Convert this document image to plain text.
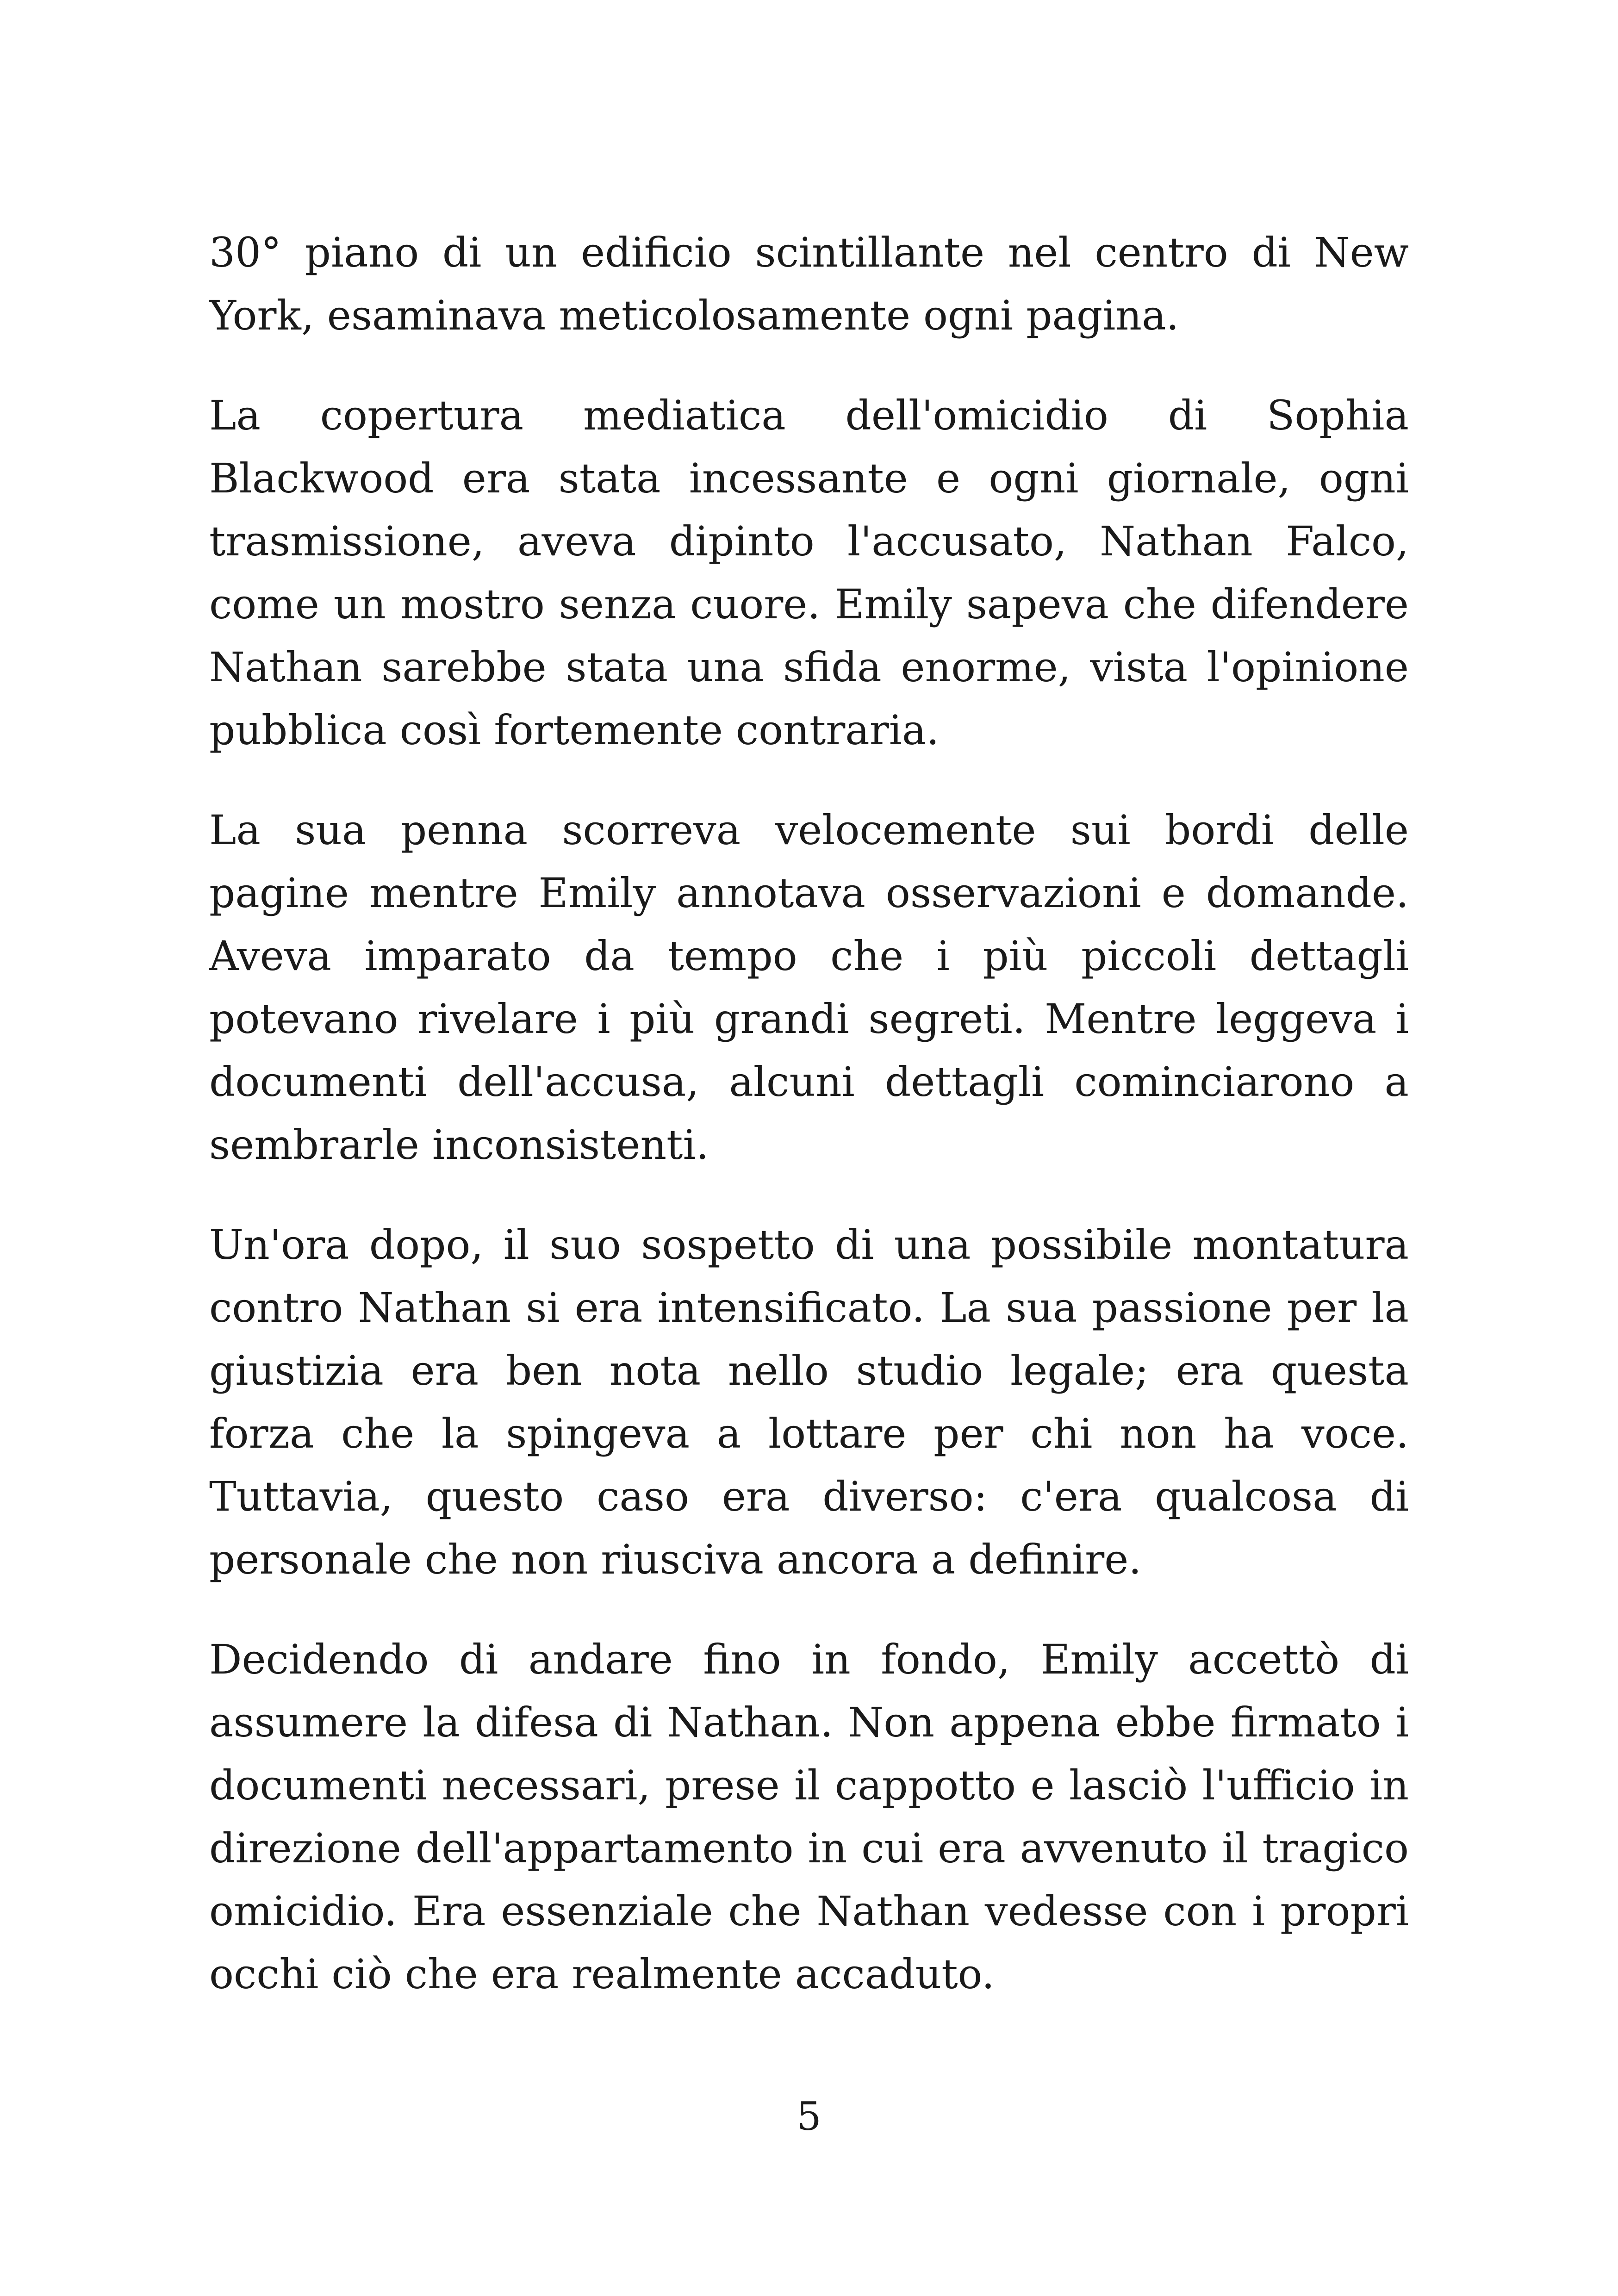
30° piano di un edificio scintillante nel centro di New York, esaminava meticolosamente ogni pagina.

La copertura mediatica dell'omicidio di Sophia Blackwood era stata incessante e ogni giornale, ogni trasmissione, aveva dipinto l'accusato, Nathan Falco, come un mostro senza cuore. Emily sapeva che difendere Nathan sarebbe stata una sfida enorme, vista l'opinione pubblica così fortemente contraria.

La sua penna scorreva velocemente sui bordi delle pagine mentre Emily annotava osservazioni e domande. Aveva imparato da tempo che i più piccoli dettagli potevano rivelare i più grandi segreti. Mentre leggeva i documenti dell'accusa, alcuni dettagli cominciarono a sembrarle inconsistenti.

Un'ora dopo, il suo sospetto di una possibile montatura contro Nathan si era intensificato. La sua passione per la giustizia era ben nota nello studio legale; era questa forza che la spingeva a lottare per chi non ha voce. Tuttavia, questo caso era diverso: c'era qualcosa di personale che non riusciva ancora a definire.

Decidendo di andare fino in fondo, Emily accettò di assumere la difesa di Nathan. Non appena ebbe firmato i documenti necessari, prese il cappotto e lasciò l'ufficio in direzione dell'appartamento in cui era avvenuto il tragico omicidio. Era essenziale che Nathan vedesse con i propri occhi ciò che era realmente accaduto.

5
